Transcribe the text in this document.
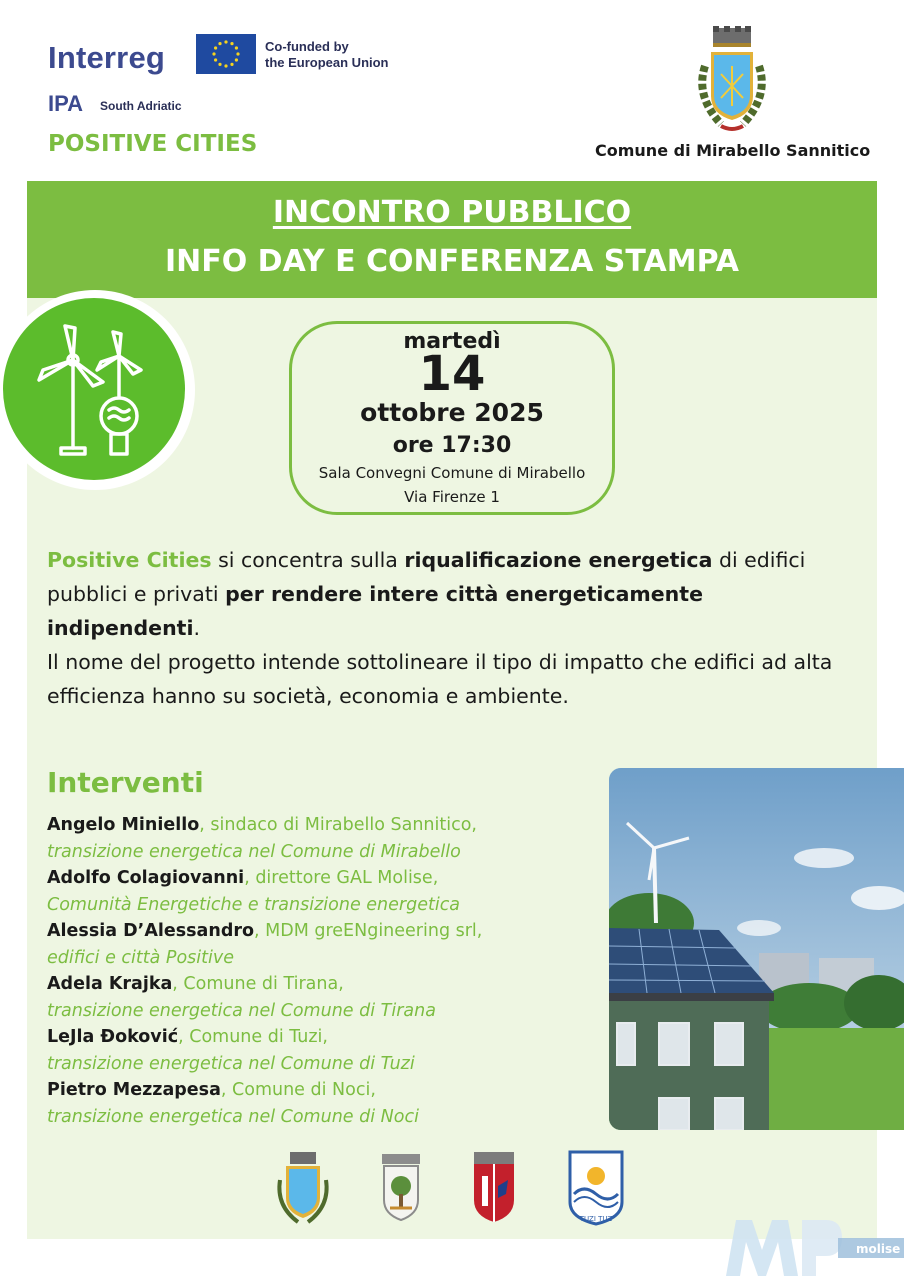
Interreg	Co-funded by
the European Union
IPA South Adriatic
POSITIVE CITIES	Comune di Mirabello Sannitico
INCONTRO PUBBLICO
INFO DAY E CONFERENZA STAMPA
martedì
14
ottobre 2025
ore 17:30
Sala Convegni Comune di Mirabello
Via Firenze 1

Positive Cities si concentra sulla riqualificazione energetica di edifici pubblici e privati per rendere intere città energeticamente indipendenti.

Il nome del progetto intende sottolineare il tipo di impatto che edifici ad alta efficienza hanno su società, economia e ambiente.

Interventi
Angelo Miniello, sindaco di Mirabello Sannitico,
transizione energetica nel Comune di Mirabello
Adolfo Colagiovanni, direttore GAL Molise,
Comunità Energetiche e transizione energetica
Alessia D’Alessandro, MDM greENgineering srl,
edifici e città Positive
Adela Krajka, Comune di Tirana,
transizione energetica nel Comune di Tirana
LeJla Đoković, Comune di Tuzi,
transizione energetica nel Comune di Tuzi
Pietro Mezzapesa, Comune di Noci,
transizione energetica nel Comune di Noci
TUZI TUZ
molise
